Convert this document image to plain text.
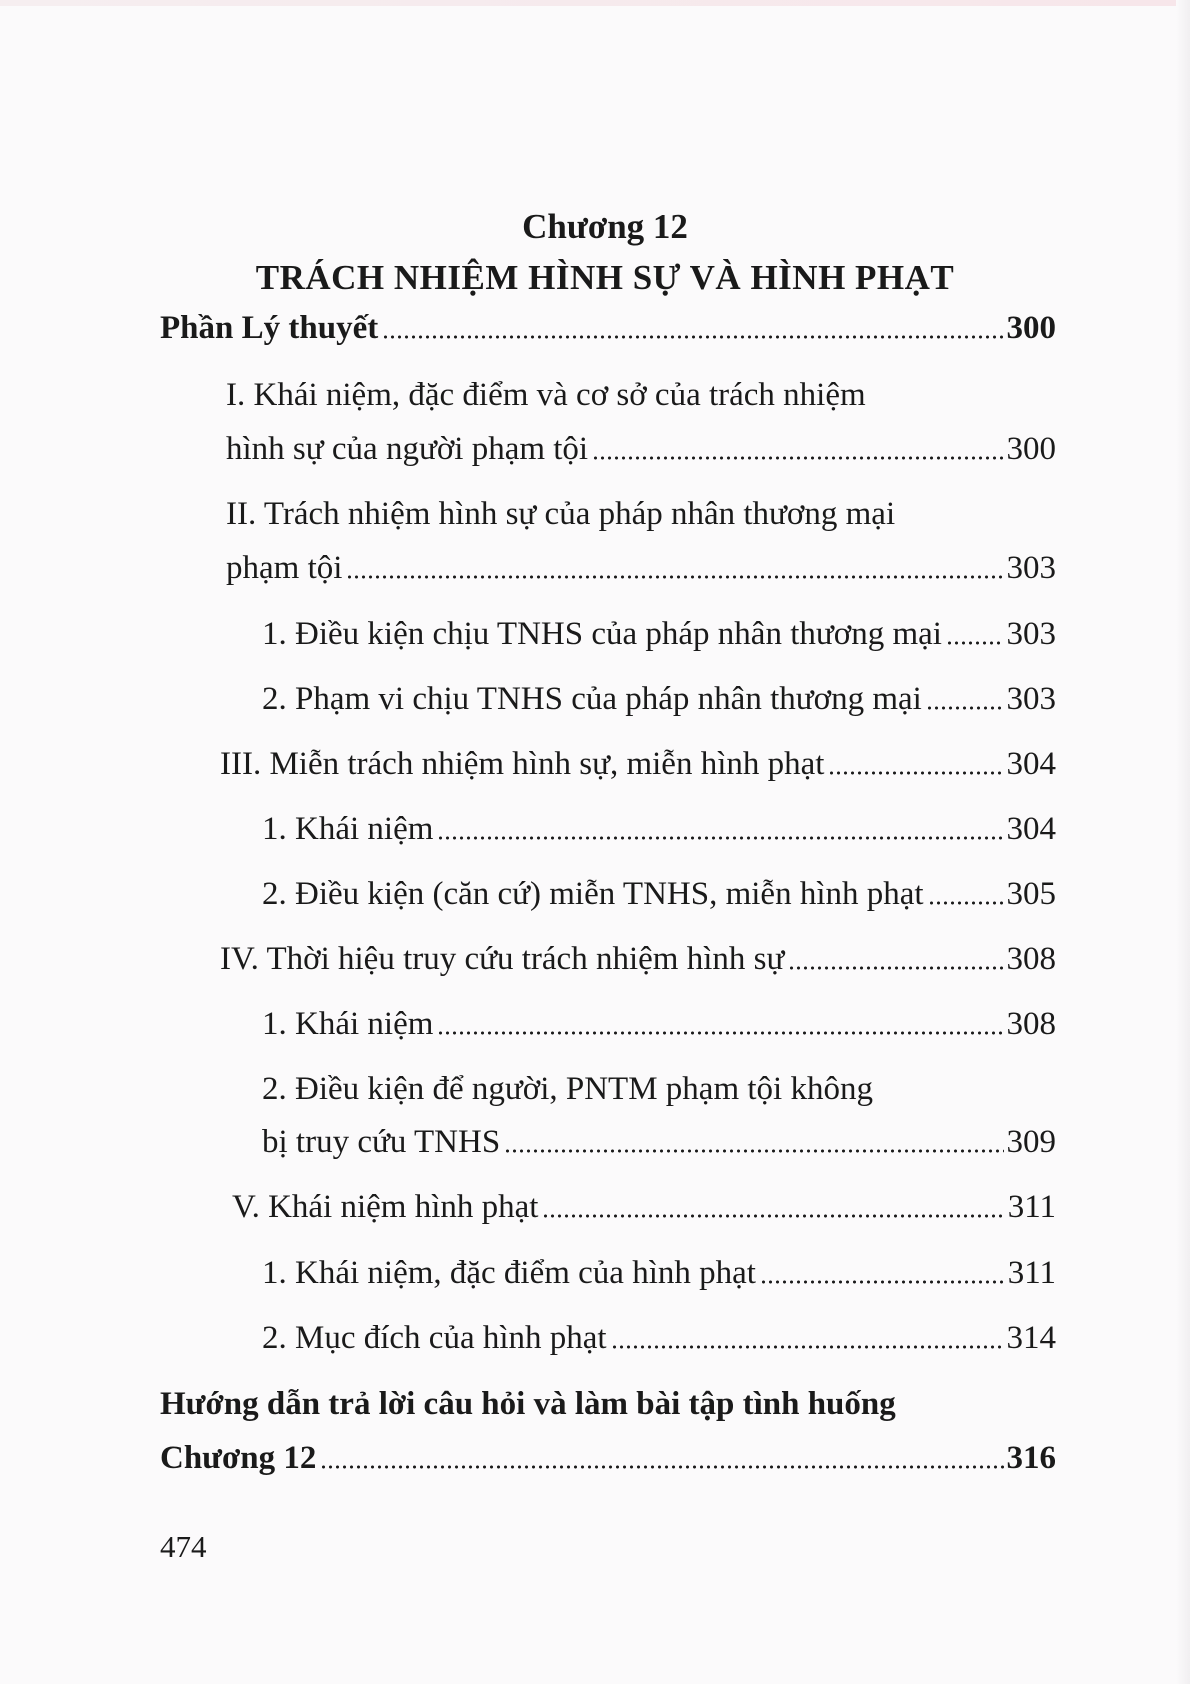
Chương 12
TRÁCH NHIỆM HÌNH SỰ VÀ HÌNH PHẠT
Phần Lý thuyết	300
I. Khái niệm, đặc điểm và cơ sở của trách nhiệm
hình sự của người phạm tội	300
II. Trách nhiệm hình sự của pháp nhân thương mại
phạm tội	303
1. Điều kiện chịu TNHS của pháp nhân thương mại 303
2. Phạm vi chịu TNHS của pháp nhân thương mại	303
III. Miễn trách nhiệm hình sự, miễn hình phạt	304
1. Khái niệm	304
2. Điều kiện (căn cứ) miễn TNHS, miễn hình phạt	305
IV. Thời hiệu truy cứu trách nhiệm hình sự	308
1. Khái niệm	308
2. Điều kiện để người, PNTM phạm tội không
bị truy cứu TNHS	309
V. Khái niệm hình phạt	311
1. Khái niệm, đặc điểm của hình phạt	311
2. Mục đích của hình phạt	314
Hướng dẫn trả lời câu hỏi và làm bài tập tình huống
Chương 12	316
474
